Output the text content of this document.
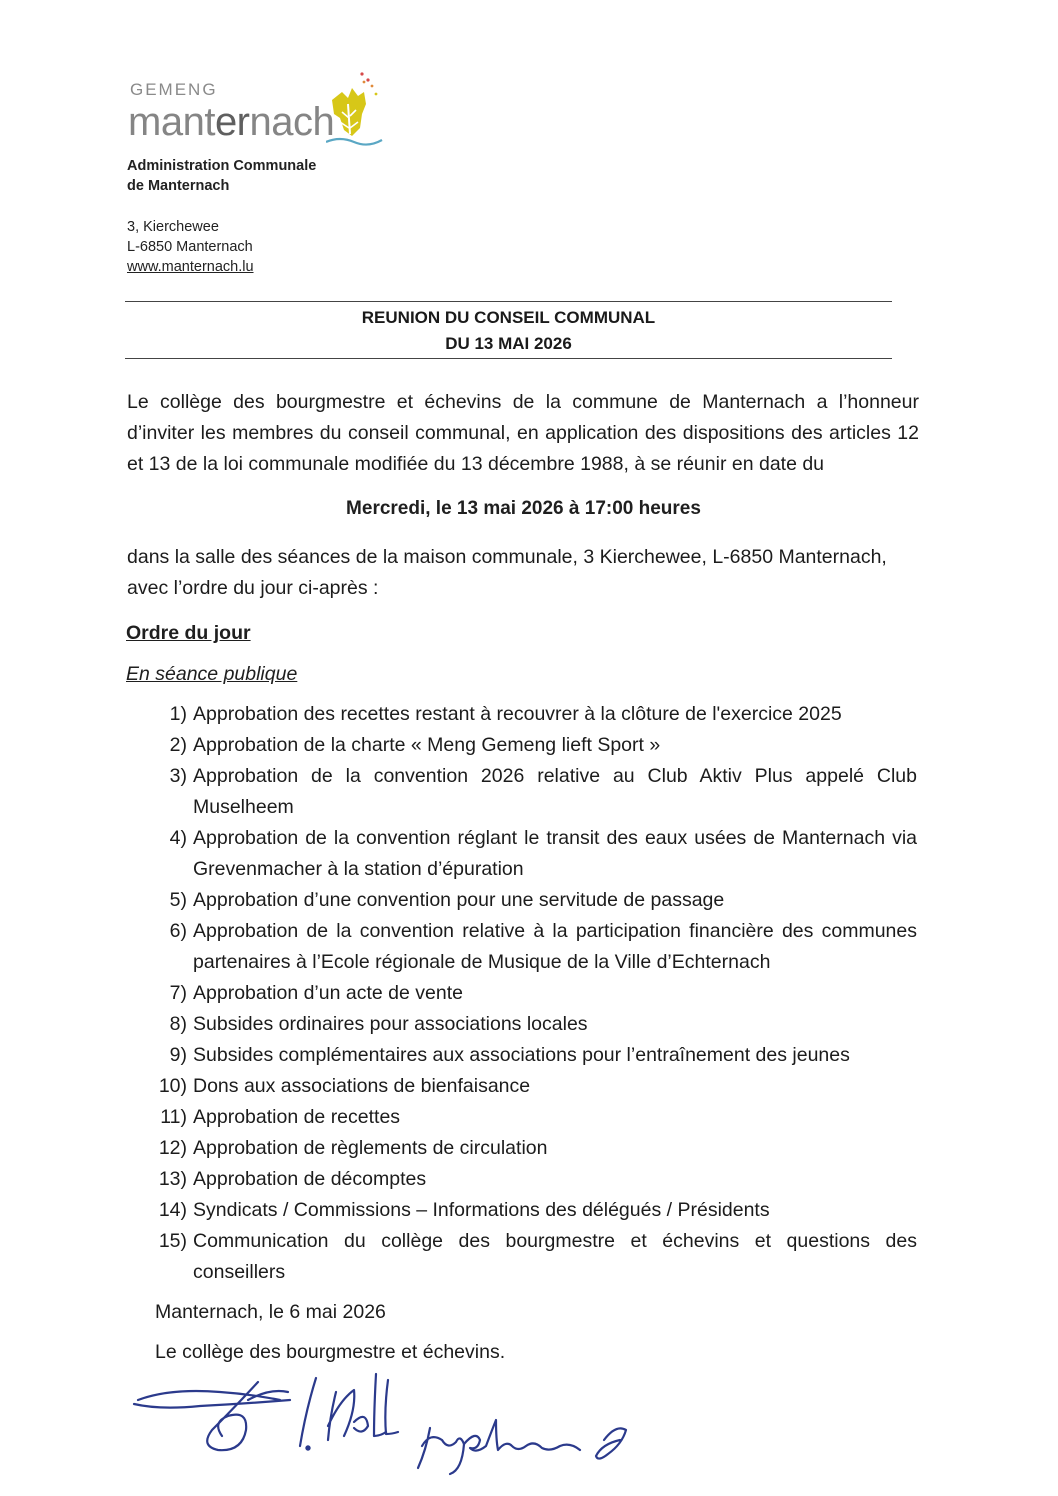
GEMENG
manternach
Administration Communale
de Manternach
3, Kierchewee
L-6850 Manternach
www.manternach.lu
REUNION DU CONSEIL COMMUNAL
DU 13 MAI 2026
Le collège des bourgmestre et échevins de la commune de Manternach a l’honneur d’inviter les membres du conseil communal, en application des dispositions des articles 12 et 13 de la loi communale modifiée du 13 décembre 1988, à se réunir en date du
Mercredi, le 13 mai 2026 à 17:00 heures
dans la salle des séances de la maison communale, 3 Kierchewee, L-6850 Manternach, avec l’ordre du jour ci-après :
Ordre du jour
En séance publique
1) Approbation des recettes restant à recouvrer à la clôture de l'exercice 2025
2) Approbation de la charte « Meng Gemeng lieft Sport »
3) Approbation de la convention 2026 relative au Club Aktiv Plus appelé Club Muselheem
4) Approbation de la convention réglant le transit des eaux usées de Manternach via Grevenmacher à la station d’épuration
5) Approbation d’une convention pour une servitude de passage
6) Approbation de la convention relative à la participation financière des communes partenaires à l’Ecole régionale de Musique de la Ville d’Echternach
7) Approbation d’un acte de vente
8) Subsides ordinaires pour associations locales
9) Subsides complémentaires aux associations pour l’entraînement des jeunes
10) Dons aux associations de bienfaisance
11) Approbation de recettes
12) Approbation de règlements de circulation
13) Approbation de décomptes
14) Syndicats / Commissions – Informations des délégués / Présidents
15) Communication du collège des bourgmestre et échevins et questions des conseillers
Manternach, le 6 mai 2026
Le collège des bourgmestre et échevins.
